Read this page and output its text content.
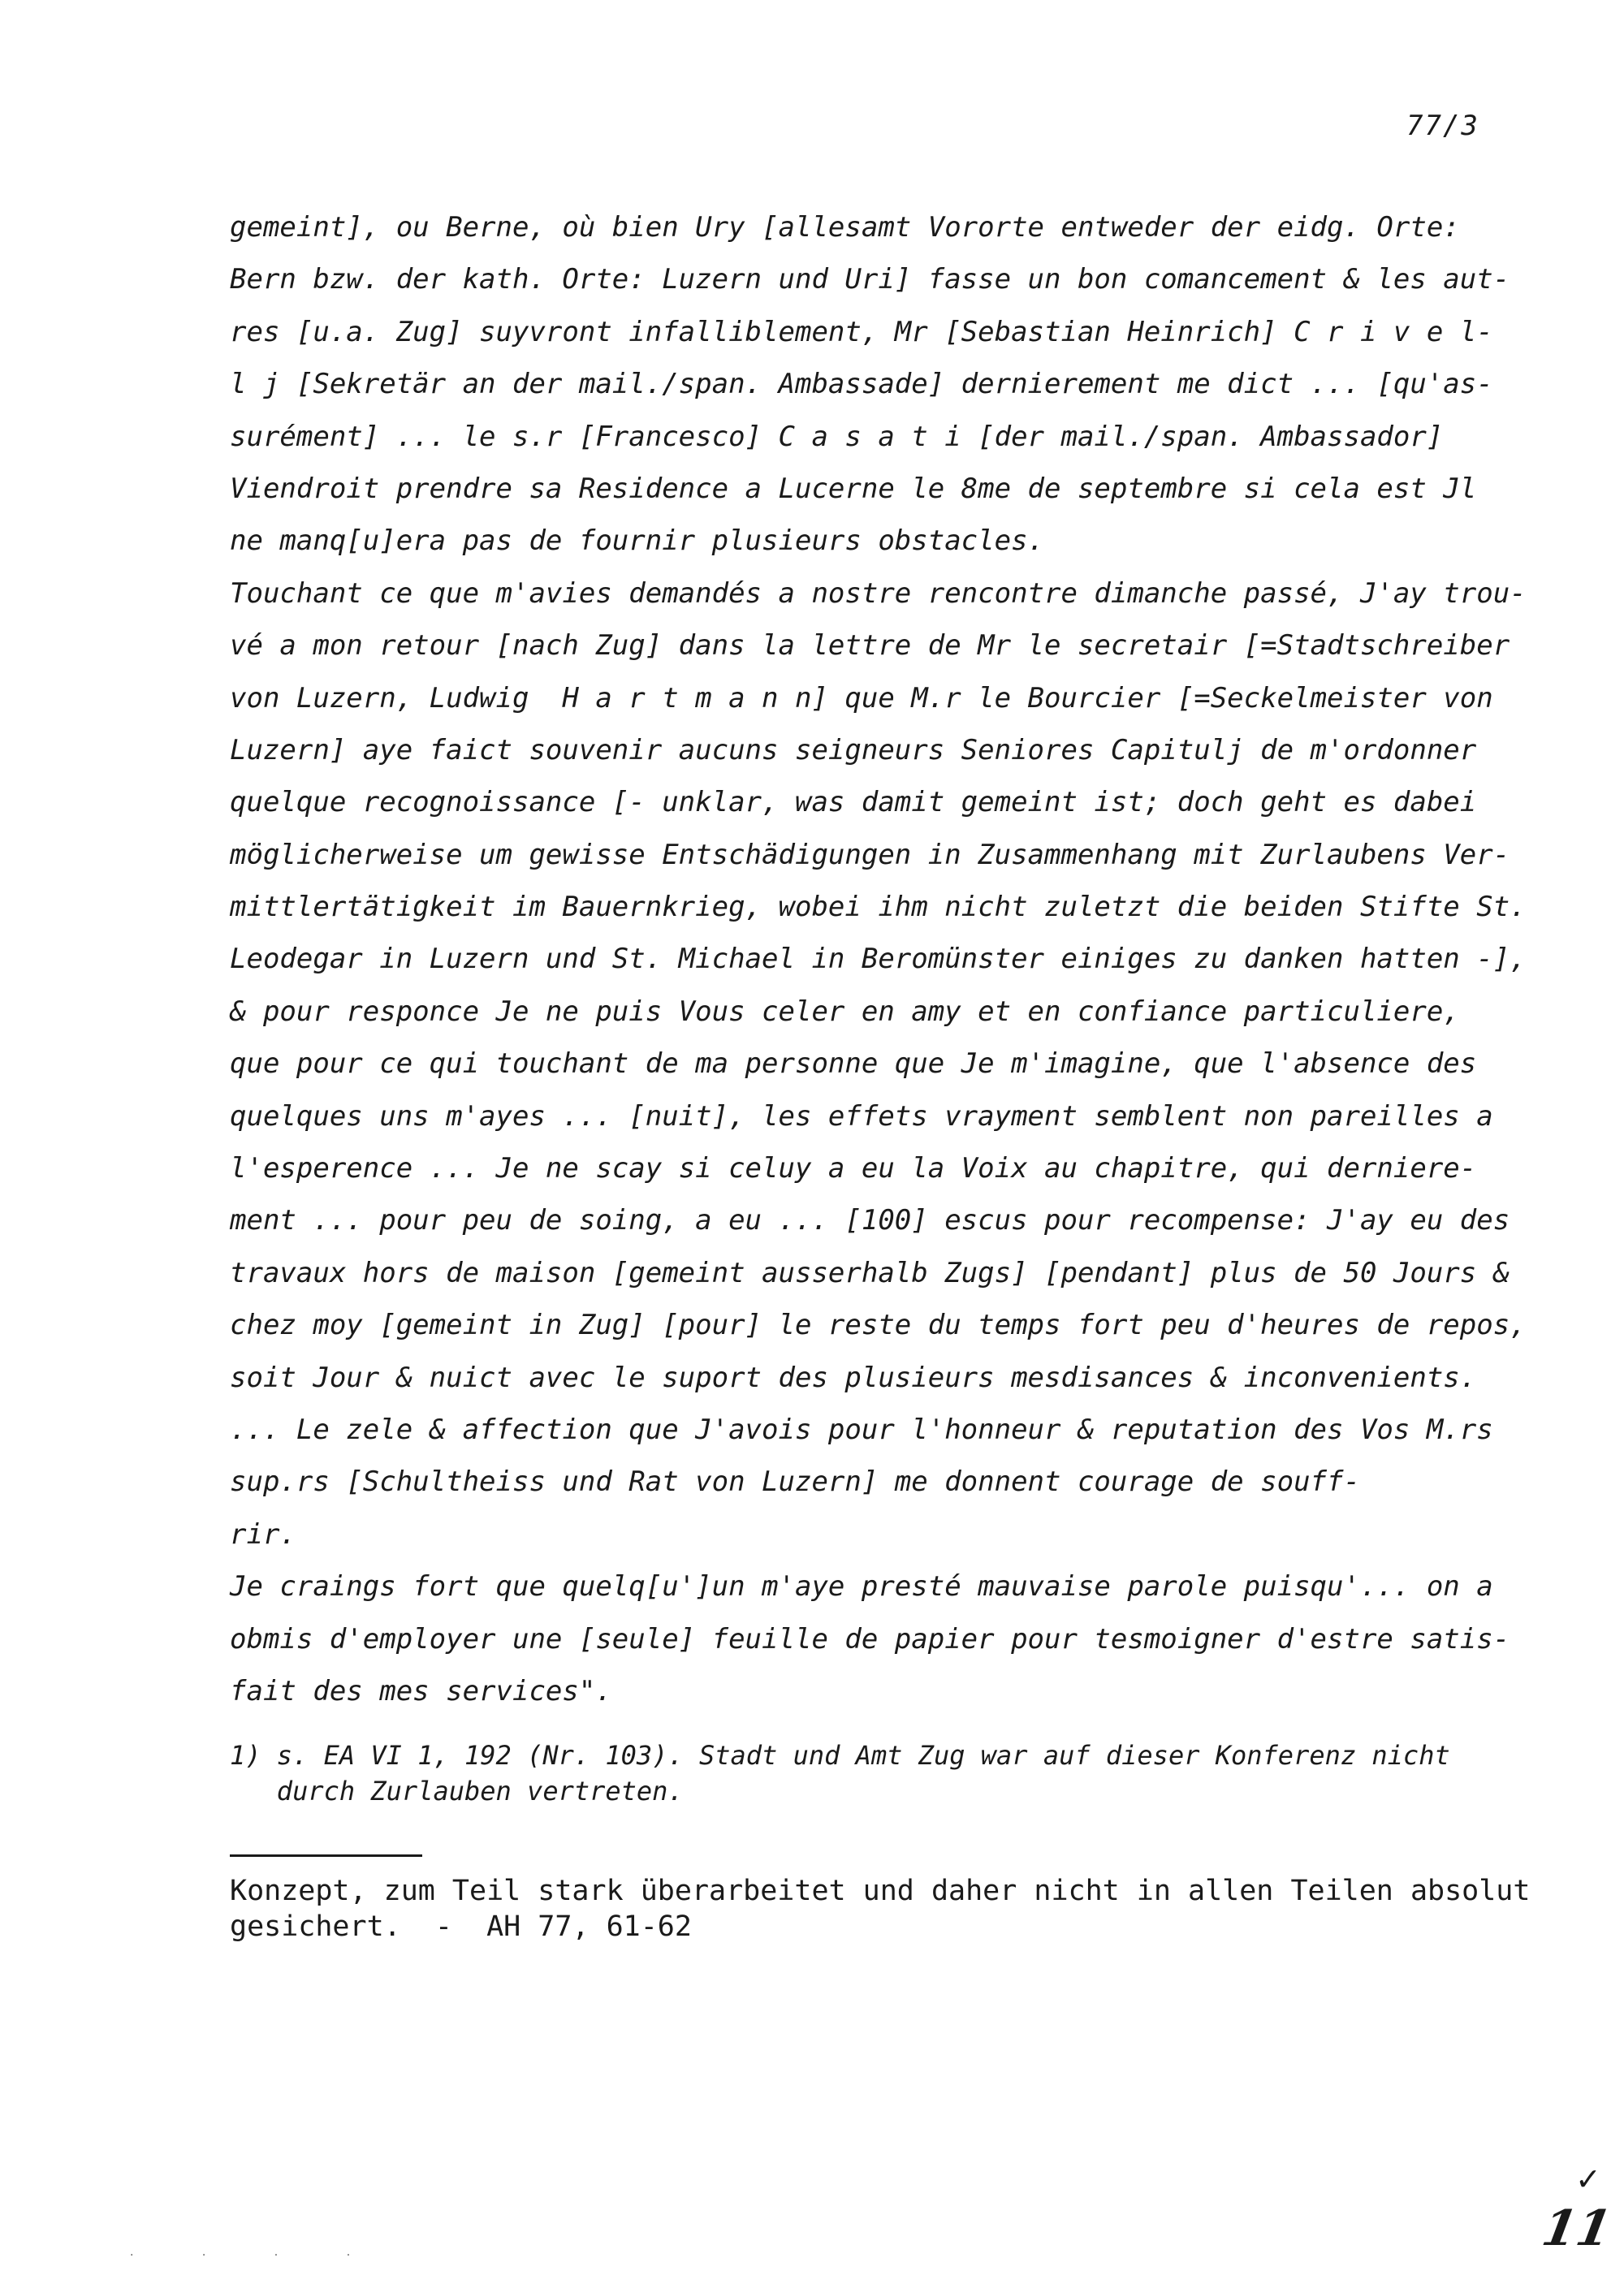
77/3
gemeint], ou Berne, où bien Ury [allesamt Vororte entweder der eidg. Orte:
Bern bzw. der kath. Orte: Luzern und Uri] fasse un bon comancement & les aut-
res [u.a. Zug] suyvront infalliblement, Mr [Sebastian Heinrich] C r i v e l-
l j [Sekretär an der mail./span. Ambassade] dernierement me dict ... [qu'as-
surément] ... le s.r [Francesco] C a s a t i [der mail./span. Ambassador]
Viendroit prendre sa Residence a Lucerne le 8me de septembre si cela est Jl
ne manq[u]era pas de fournir plusieurs obstacles.
Touchant ce que m'avies demandés a nostre rencontre dimanche passé, J'ay trou-
vé a mon retour [nach Zug] dans la lettre de Mr le secretair [=Stadtschreiber
von Luzern, Ludwig  H a r t m a n n] que M.r le Bourcier [=Seckelmeister von
Luzern] aye faict souvenir aucuns seigneurs Seniores Capitulj de m'ordonner
quelque recognoissance [- unklar, was damit gemeint ist; doch geht es dabei
möglicherweise um gewisse Entschädigungen in Zusammenhang mit Zurlaubens Ver-
mittlertätigkeit im Bauernkrieg, wobei ihm nicht zuletzt die beiden Stifte St.
Leodegar in Luzern und St. Michael in Beromünster einiges zu danken hatten -],
& pour responce Je ne puis Vous celer en amy et en confiance particuliere,
que pour ce qui touchant de ma personne que Je m'imagine, que l'absence des
quelques uns m'ayes ... [nuit], les effets vrayment semblent non pareilles a
l'esperence ... Je ne scay si celuy a eu la Voix au chapitre, qui derniere-
ment ... pour peu de soing, a eu ... [100] escus pour recompense: J'ay eu des
travaux hors de maison [gemeint ausserhalb Zugs] [pendant] plus de 50 Jours &
chez moy [gemeint in Zug] [pour] le reste du temps fort peu d'heures de repos,
soit Jour & nuict avec le suport des plusieurs mesdisances & inconvenients.
... Le zele & affection que J'avois pour l'honneur & reputation des Vos M.rs
sup.rs [Schultheiss und Rat von Luzern] me donnent courage de souff-
rir.
Je craings fort que quelq[u']un m'aye presté mauvaise parole puisqu'... on a
obmis d'employer une [seule] feuille de papier pour tesmoigner d'estre satis-
fait des mes services".
1) s. EA VI 1, 192 (Nr. 103). Stadt und Amt Zug war auf dieser Konferenz nicht
durch Zurlauben vertreten.
Konzept, zum Teil stark überarbeitet und daher nicht in allen Teilen absolut
gesichert.  -  AH 77, 61-62
✓
11
· · · ·
